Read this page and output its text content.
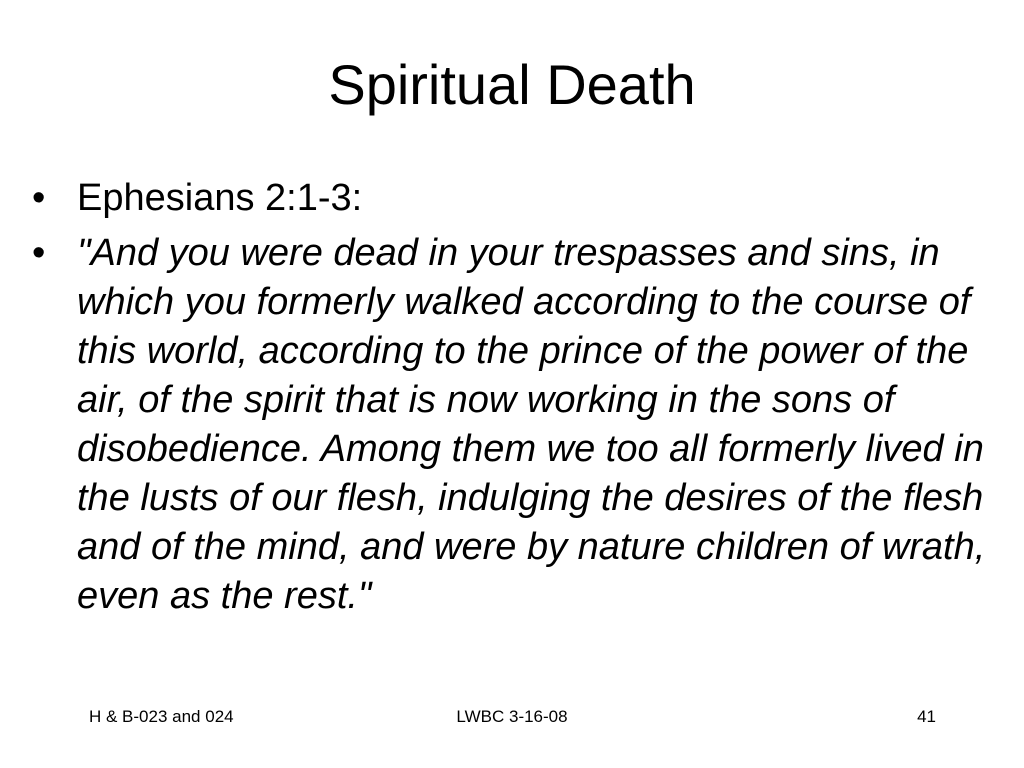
Spiritual Death
• Ephesians 2:1-3:
• "And you were dead in your trespasses and sins, in which you formerly walked according to the course of this world, according to the prince of the power of the air, of the spirit that is now working in the sons of disobedience. Among them we too all formerly lived in the lusts of our flesh, indulging the desires of the flesh and of the mind, and were by nature children of wrath, even as the rest."
LWBC 3-16-08
H & B-023 and 024	41
